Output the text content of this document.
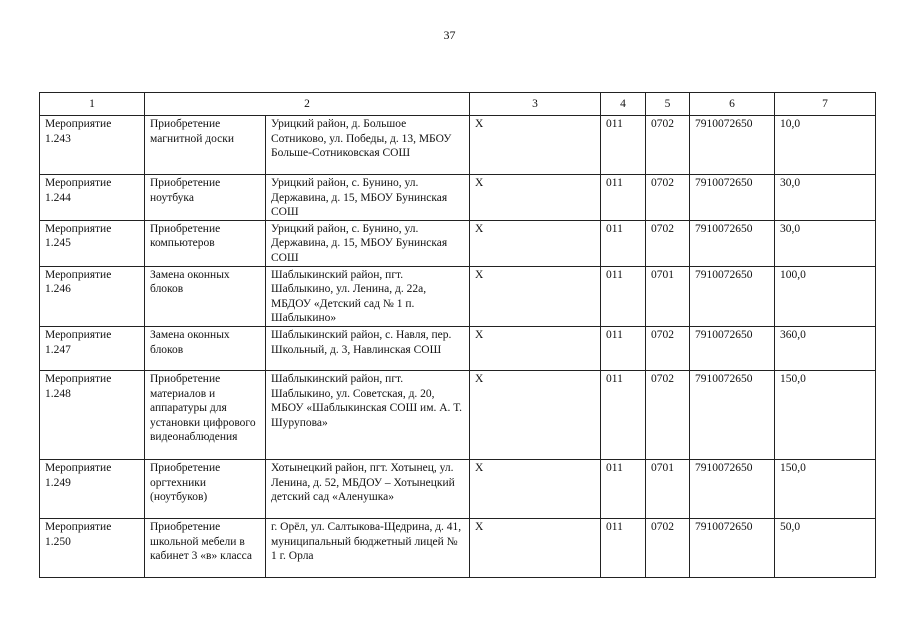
37
1	2		3	4	5	6	7
Мероприятие 1.243	Приобретение магнитной доски	Урицкий район, д. Большое Сотниково, ул. Победы, д. 13, МБОУ Больше-Сотниковская СОШ	X	011	0702	7910072650	10,0
Мероприятие 1.244	Приобретение ноутбука	Урицкий район, с. Бунино, ул. Державина, д. 15, МБОУ Бунинская СОШ	X	011	0702	7910072650	30,0
Мероприятие 1.245	Приобретение компьютеров	Урицкий район, с. Бунино, ул. Державина, д. 15, МБОУ Бунинская СОШ	X	011	0702	7910072650	30,0
Мероприятие 1.246	Замена оконных блоков	Шаблыкинский район, пгт. Шаблыкино, ул. Ленина, д. 22а, МБДОУ «Детский сад № 1 п. Шаблыкино»	X	011	0701	7910072650	100,0
Мероприятие 1.247	Замена оконных блоков	Шаблыкинский район, с. Навля, пер. Школьный, д. 3, Навлинская СОШ	X	011	0702	7910072650	360,0
Мероприятие 1.248	Приобретение материалов и аппаратуры для установки цифрового видеонаблюдения	Шаблыкинский район, пгт. Шаблыкино, ул. Советская, д. 20, МБОУ «Шаблыкинская СОШ им. А. Т. Шурупова»	X	011	0702	7910072650	150,0
Мероприятие 1.249	Приобретение оргтехники (ноутбуков)	Хотынецкий район, пгт. Хотынец, ул. Ленина, д. 52, МБДОУ – Хотынецкий детский сад «Аленушка»	X	011	0701	7910072650	150,0
Мероприятие 1.250	Приобретение школьной мебели в кабинет 3 «в» класса	г. Орёл, ул. Салтыкова-Щедрина, д. 41, муниципальный бюджетный лицей № 1 г. Орла	X	011	0702	7910072650	50,0
